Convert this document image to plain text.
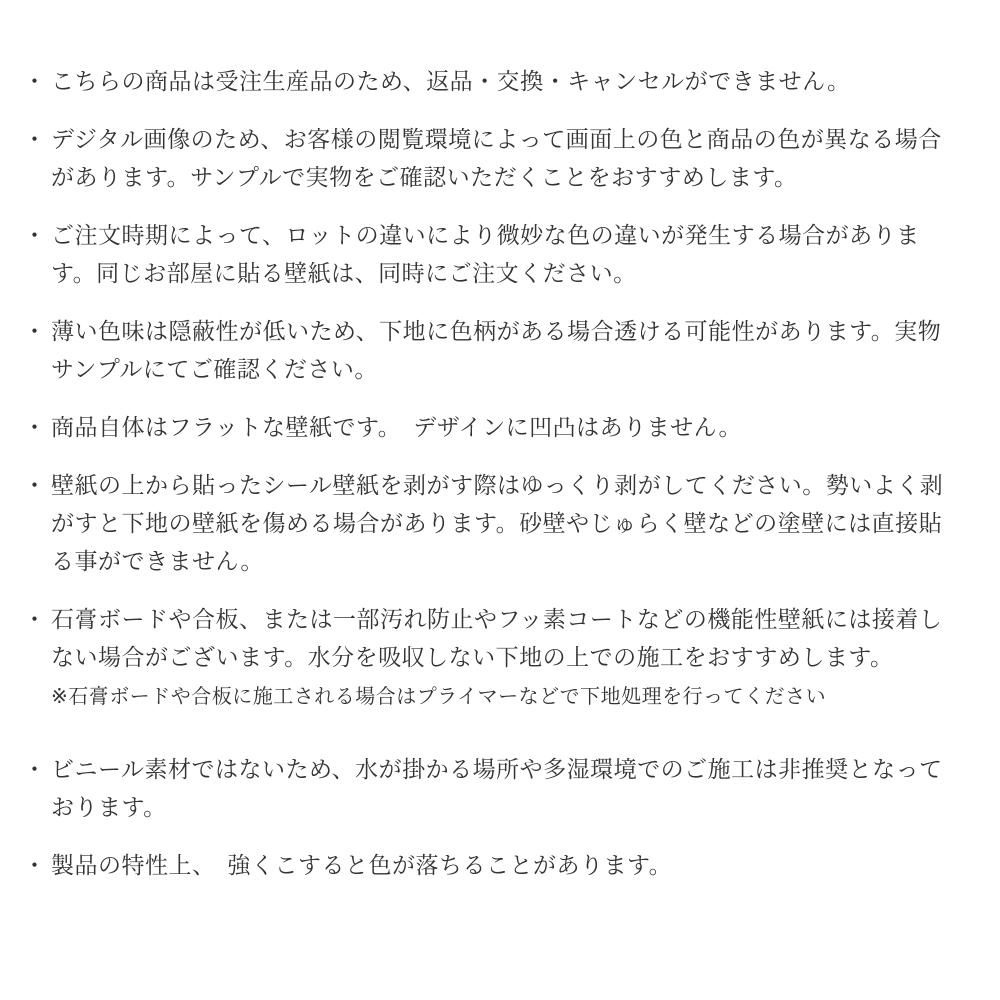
・ こちらの商品は受注生産品のため、返品・交換・キャンセルができません。

・ デジタル画像のため、お客様の閲覧環境によって画面上の色と商品の色が異なる場合があります。サンプルで実物をご確認いただくことをおすすめします。

・ ご注文時期によって、ロットの違いにより微妙な色の違いが発生する場合があります。同じお部屋に貼る壁紙は、同時にご注文ください。

・ 薄い色味は隠蔽性が低いため、下地に色柄がある場合透ける可能性があります。実物サンプルにてご確認ください。

・ 商品自体はフラットな壁紙です。　デザインに凹凸はありません。

・ 壁紙の上から貼ったシール壁紙を剥がす際はゆっくり剥がしてください。勢いよく剥がすと下地の壁紙を傷める場合があります。砂壁やじゅらく壁などの塗壁には直接貼る事ができません。

・ 石膏ボードや合板、または一部汚れ防止やフッ素コートなどの機能性壁紙には接着しない場合がございます。水分を吸収しない下地の上での施工をおすすめします。

※石膏ボードや合板に施工される場合はプライマーなどで下地処理を行ってください

・ ビニール素材ではないため、水が掛かる場所や多湿環境でのご施工は非推奨となっております。

・ 製品の特性上、　強くこすると色が落ちることがあります。
